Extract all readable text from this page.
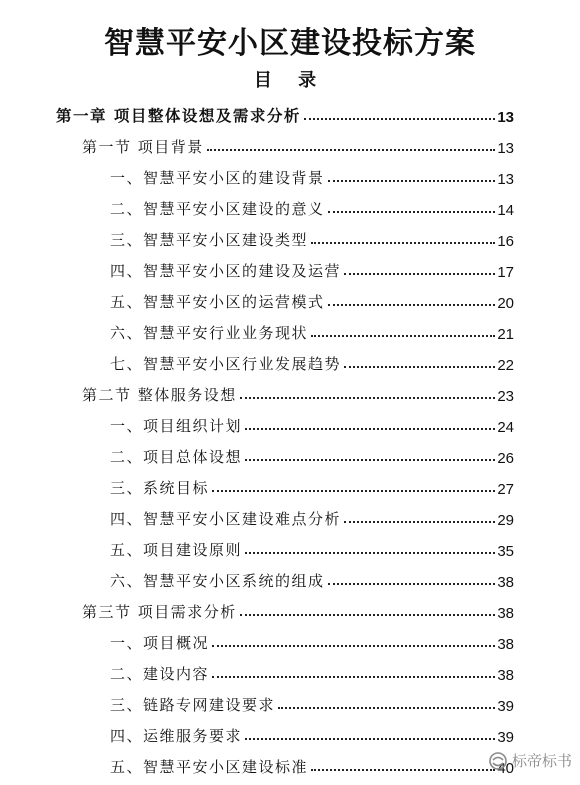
智慧平安小区建设投标方案
目 录
第一章 项目整体设想及需求分析	13
第一节 项目背景	13
一、智慧平安小区的建设背景	13
二、智慧平安小区建设的意义	14
三、智慧平安小区建设类型	16
四、智慧平安小区的建设及运营	17
五、智慧平安小区的运营模式	20
六、智慧平安行业业务现状	21
七、智慧平安小区行业发展趋势	22
第二节 整体服务设想	23
一、项目组织计划	24
二、项目总体设想	26
三、系统目标	27
四、智慧平安小区建设难点分析	29
五、项目建设原则	35
六、智慧平安小区系统的组成	38
第三节 项目需求分析	38
一、项目概况	38
二、建设内容	38
三、链路专网建设要求	39
四、运维服务要求	39
五、智慧平安小区建设标准	40
标帝标书
